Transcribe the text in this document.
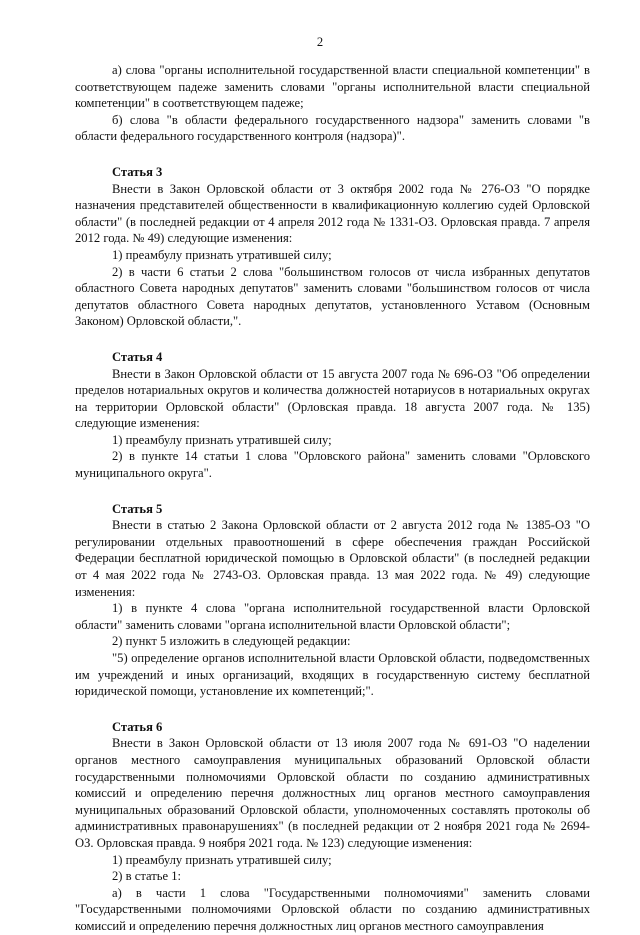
2

а) слова "органы исполнительной государственной власти специальной компетенции" в соответствующем падеже заменить словами "органы исполнительной власти специальной компетенции" в соответствующем падеже;

б) слова "в области федерального государственного надзора" заменить словами "в области федерального государственного контроля (надзора)".

Статья 3

Внести в Закон Орловской области от 3 октября 2002 года № 276-ОЗ "О порядке назначения представителей общественности в квалификационную коллегию судей Орловской области" (в последней редакции от 4 апреля 2012 года № 1331-ОЗ. Орловская правда. 7 апреля 2012 года. № 49) следующие изменения:

1) преамбулу признать утратившей силу;

2) в части 6 статьи 2 слова "большинством голосов от числа избранных депутатов областного Совета народных депутатов" заменить словами "большинством голосов от числа депутатов областного Совета народных депутатов, установленного Уставом (Основным Законом) Орловской области,".

Статья 4

Внести в Закон Орловской области от 15 августа 2007 года № 696-ОЗ "Об определении пределов нотариальных округов и количества должностей нотариусов в нотариальных округах на территории Орловской области" (Орловская правда. 18 августа 2007 года. № 135) следующие изменения:

1) преамбулу признать утратившей силу;

2) в пункте 14 статьи 1 слова "Орловского района" заменить словами "Орловского муниципального округа".

Статья 5

Внести в статью 2 Закона Орловской области от 2 августа 2012 года № 1385-ОЗ "О регулировании отдельных правоотношений в сфере обеспечения граждан Российской Федерации бесплатной юридической помощью в Орловской области" (в последней редакции от 4 мая 2022 года № 2743-ОЗ. Орловская правда. 13 мая 2022 года. № 49) следующие изменения:

1) в пункте 4 слова "органа исполнительной государственной власти Орловской области" заменить словами "органа исполнительной власти Орловской области";

2) пункт 5 изложить в следующей редакции:

"5) определение органов исполнительной власти Орловской области, подведомственных им учреждений и иных организаций, входящих в государственную систему бесплатной юридической помощи, установление их компетенций;".

Статья 6

Внести в Закон Орловской области от 13 июля 2007 года № 691-ОЗ "О наделении органов местного самоуправления муниципальных образований Орловской области государственными полномочиями Орловской области по созданию административных комиссий и определению перечня должностных лиц органов местного самоуправления муниципальных образований Орловской области, уполномоченных составлять протоколы об административных правонарушениях" (в последней редакции от 2 ноября 2021 года № 2694-ОЗ. Орловская правда. 9 ноября 2021 года. № 123) следующие изменения:

1) преамбулу признать утратившей силу;

2) в статье 1:

а) в части 1 слова "Государственными полномочиями" заменить словами "Государственными полномочиями Орловской области по созданию административных комиссий и определению перечня должностных лиц органов местного самоуправления
